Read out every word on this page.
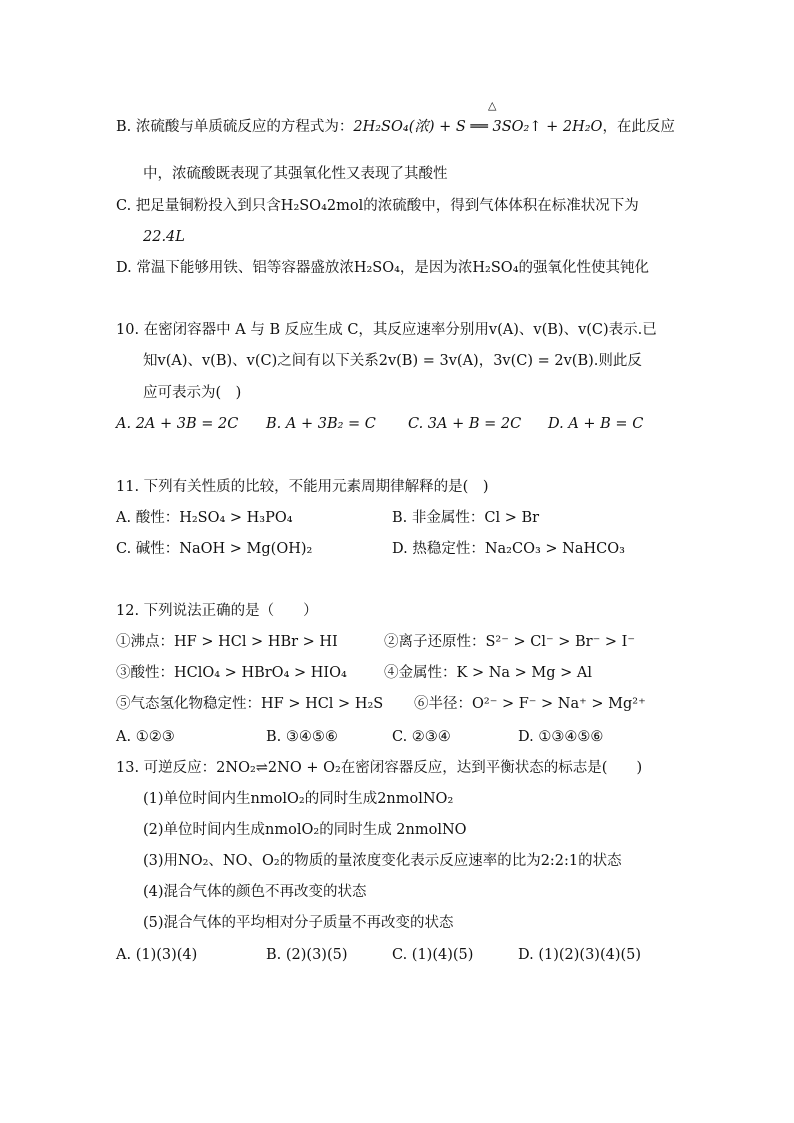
△
B. 浓硫酸与单质硫反应的方程式为：2H₂SO₄(浓) + S ══ 3SO₂↑ + 2H₂O，在此反应
中，浓硫酸既表现了其强氧化性又表现了其酸性
C. 把足量铜粉投入到只含H₂SO₄2mol的浓硫酸中，得到气体体积在标准状况下为
22.4L
D. 常温下能够用铁、铝等容器盛放浓H₂SO₄，是因为浓H₂SO₄的强氧化性使其钝化
10. 在密闭容器中 A 与 B 反应生成 C，其反应速率分别用v(A)、v(B)、v(C)表示.已
知v(A)、v(B)、v(C)之间有以下关系2v(B) = 3v(A)，3v(C) = 2v(B).则此反
应可表示为(　)
A. 2A + 3B = 2C B. A + 3B₂ = C C. 3A + B = 2C D. A + B = C
11. 下列有关性质的比较，不能用元素周期律解释的是(　)
A. 酸性：H₂SO₄ > H₃PO₄	B. 非金属性：Cl > Br
C. 碱性：NaOH > Mg(OH)₂	D. 热稳定性：Na₂CO₃ > NaHCO₃
12. 下列说法正确的是（　　）
①沸点：HF > HCl > HBr > HI	②离子还原性：S²⁻ > Cl⁻ > Br⁻ > I⁻
③酸性：HClO₄ > HBrO₄ > HIO₄	④金属性：K > Na > Mg > Al
⑤气态氢化物稳定性：HF > HCl > H₂S ⑥半径：O²⁻ > F⁻ > Na⁺ > Mg²⁺
A. ①②③	B. ③④⑤⑥	C. ②③④	D. ①③④⑤⑥
13. 可逆反应：2NO₂⇌2NO + O₂在密闭容器反应，达到平衡状态的标志是(　　)
(1)单位时间内生nmolO₂的同时生成2nmolNO₂
(2)单位时间内生成nmolO₂的同时生成 2nmolNO
(3)用NO₂、NO、O₂的物质的量浓度变化表示反应速率的比为2:2:1的状态
(4)混合气体的颜色不再改变的状态
(5)混合气体的平均相对分子质量不再改变的状态
A. (1)(3)(4)	B. (2)(3)(5)	C. (1)(4)(5)	D. (1)(2)(3)(4)(5)
